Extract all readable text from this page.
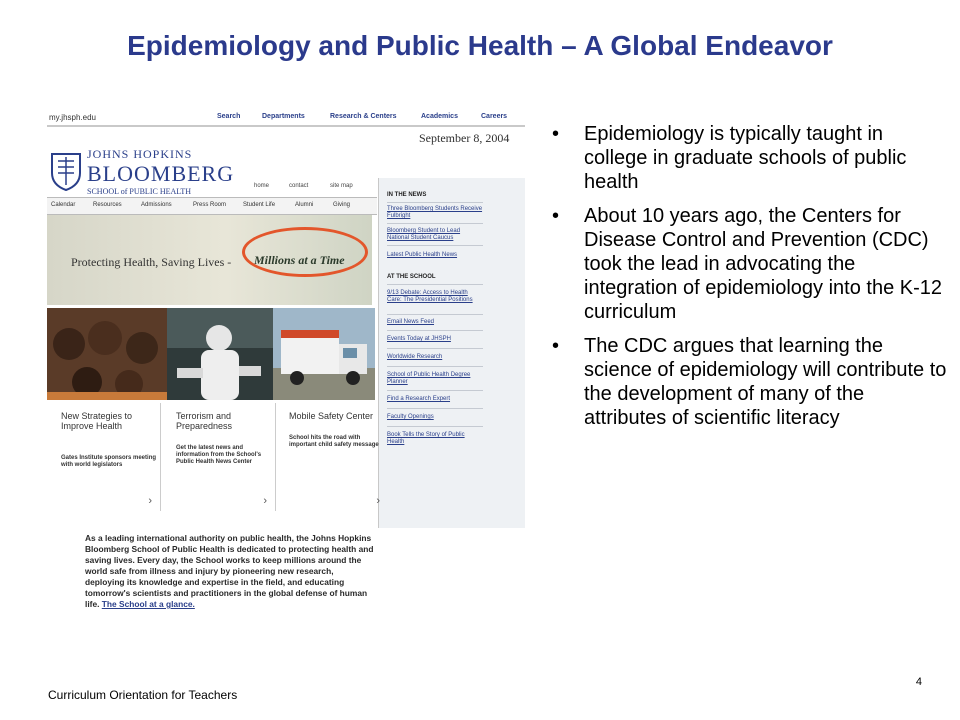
Epidemiology and Public Health – A Global Endeavor
my.jhsph.edu	Search	Departments	Research & Centers	Academics	Careers
September 8, 2004
JOHNS HOPKINS
BLOOMBERG
SCHOOL of PUBLIC HEALTH
home	contact	site map
Calendar	Resources	Admissions	Press Room	Student Life	Alumni	Giving
Protecting Health, Saving Lives - Millions at a Time
IN THE NEWS
Three Bloomberg Students Receive Fulbright
Bloomberg Student to Lead National Student Caucus
Latest Public Health News
AT THE SCHOOL
9/13 Debate: Access to Health Care: The Presidential Positions
Email News Feed
Events Today at JHSPH
Worldwide Research
School of Public Health Degree Planner
Find a Research Expert
Faculty Openings
Book Tells the Story of Public Health
New Strategies to Improve Health
Gates Institute sponsors meeting with world legislators
›
Terrorism and Preparedness
Get the latest news and information from the School's Public Health News Center
›
Mobile Safety Center
School hits the road with important child safety message
›
As a leading international authority on public health, the Johns Hopkins Bloomberg School of Public Health is dedicated to protecting health and saving lives. Every day, the School works to keep millions around the world safe from illness and injury by pioneering new research, deploying its knowledge and expertise in the field, and educating tomorrow's scientists and practitioners in the global defense of human life. The School at a glance.
• Epidemiology is typically taught in college in graduate schools of public health
• About 10 years ago, the Centers for Disease Control and Prevention (CDC) took the lead in advocating the integration of epidemiology into the K-12 curriculum
• The CDC argues that learning the science of epidemiology will contribute to the development of many of the attributes of scientific literacy
Curriculum Orientation for Teachers
4
